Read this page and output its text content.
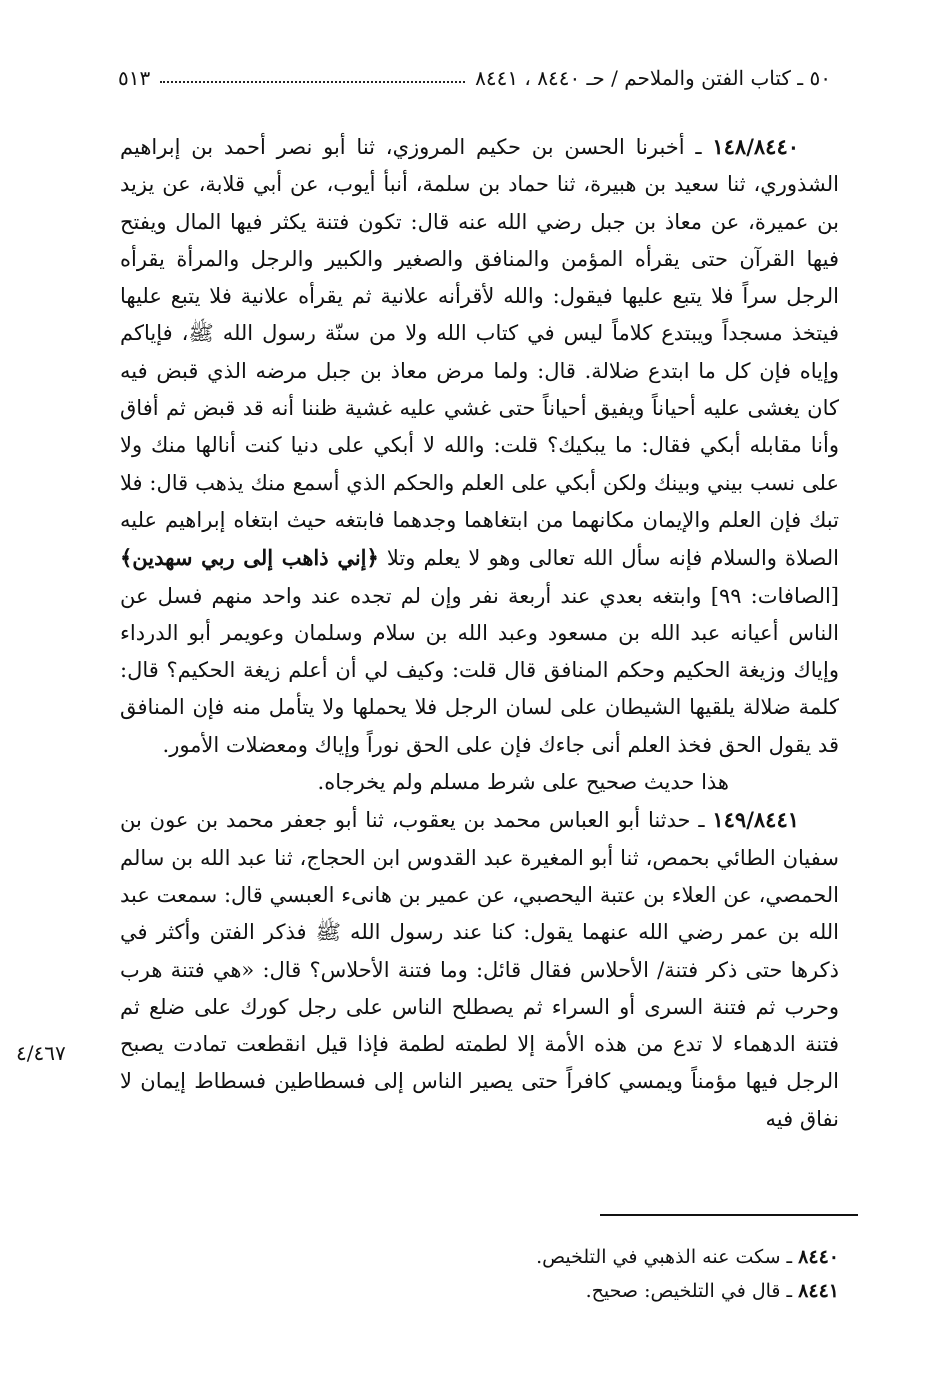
٥٠ ـ كتاب الفتن والملاحم / حـ ٨٤٤٠ ، ٨٤٤١
٥١٣

١٤٨/٨٤٤٠ ـ أخبرنا الحسن بن حكيم المروزي، ثنا أبو نصر أحمد بن إبراهيم الشذوري، ثنا سعيد بن هبيرة، ثنا حماد بن سلمة، أنبأ أيوب، عن أبي قلابة، عن يزيد بن عميرة، عن معاذ بن جبل رضي الله عنه قال: تكون فتنة يكثر فيها المال ويفتح فيها القرآن حتى يقرأه المؤمن والمنافق والصغير والكبير والرجل والمرأة يقرأه الرجل سراً فلا يتبع عليها فيقول: والله لأقرأنه علانية ثم يقرأه علانية فلا يتبع عليها فيتخذ مسجداً ويبتدع كلاماً ليس في كتاب الله ولا من سنّة رسول الله ﷺ، فإياكم وإياه فإن كل ما ابتدع ضلالة. قال: ولما مرض معاذ بن جبل مرضه الذي قبض فيه كان يغشى عليه أحياناً ويفيق أحياناً حتى غشي عليه غشية ظننا أنه قد قبض ثم أفاق وأنا مقابله أبكي فقال: ما يبكيك؟ قلت: والله لا أبكي على دنيا كنت أنالها منك ولا على نسب بيني وبينك ولكن أبكي على العلم والحكم الذي أسمع منك يذهب قال: فلا تبك فإن العلم والإيمان مكانهما من ابتغاهما وجدهما فابتغه حيث ابتغاه إبراهيم عليه الصلاة والسلام فإنه سأل الله تعالى وهو لا يعلم وتلا ﴿إني ذاهب إلى ربي سهدين﴾ [الصافات: ٩٩] وابتغه بعدي عند أربعة نفر وإن لم تجده عند واحد منهم فسل عن الناس أعيانه عبد الله بن مسعود وعبد الله بن سلام وسلمان وعويمر أبو الدرداء وإياك وزيغة الحكيم وحكم المنافق قال قلت: وكيف لي أن أعلم زيغة الحكيم؟ قال: كلمة ضلالة يلقيها الشيطان على لسان الرجل فلا يحملها ولا يتأمل منه فإن المنافق قد يقول الحق فخذ العلم أنى جاءك فإن على الحق نوراً وإياك ومعضلات الأمور.

هذا حديث صحيح على شرط مسلم ولم يخرجاه.

١٤٩/٨٤٤١ ـ حدثنا أبو العباس محمد بن يعقوب، ثنا أبو جعفر محمد بن عون بن سفيان الطائي بحمص، ثنا أبو المغيرة عبد القدوس ابن الحجاج، ثنا عبد الله بن سالم الحمصي، عن العلاء بن عتبة اليحصبي، عن عمير بن هانىء العبسي قال: سمعت عبد الله بن عمر رضي الله عنهما يقول: كنا عند رسول الله ﷺ فذكر الفتن وأكثر في ذكرها حتى ذكر فتنة/ الأحلاس فقال قائل: وما فتنة الأحلاس؟ قال: «هي فتنة هرب وحرب ثم فتنة السرى أو السراء ثم يصطلح الناس على رجل كورك على ضلع ثم فتنة الدهماء لا تدع من هذه الأمة إلا لطمته لطمة فإذا قيل انقطعت تمادت يصبح الرجل فيها مؤمناً ويمسي كافراً حتى يصير الناس إلى فسطاطين فسطاط إيمان لا نفاق فيه

٤/٤٦٧
٨٤٤٠ ـ سكت عنه الذهبي في التلخيص.
٨٤٤١ ـ قال في التلخيص: صحيح.
